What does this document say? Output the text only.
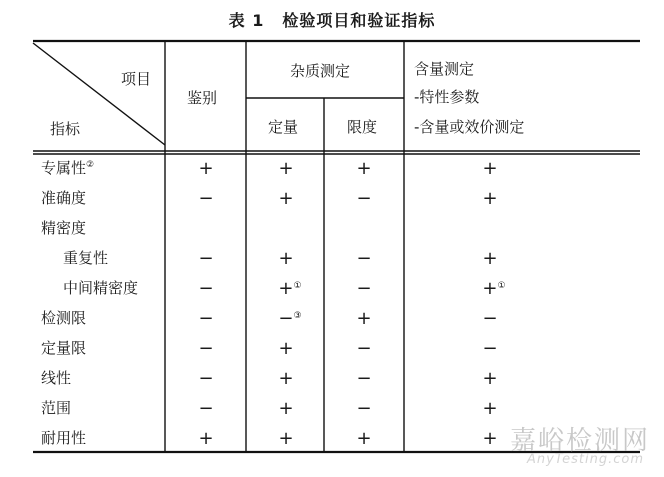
表 1 检验项目和验证指标
项目
指标
鉴别
杂质测定
定量	限度
含量测定
-特性参数
-含量或效价测定
专属性②	+	+	+	+
准确度	−	+	−	+
精密度
重复性	−	+	−	+
中间精密度	−	+①	−	+①
检测限	−	−③	+	−
定量限	−	+	−	−
线性	−	+	−	+
范围	−	+	−	+
耐用性	+	+	+	+ 嘉峪检测网
AnyTesting.com
